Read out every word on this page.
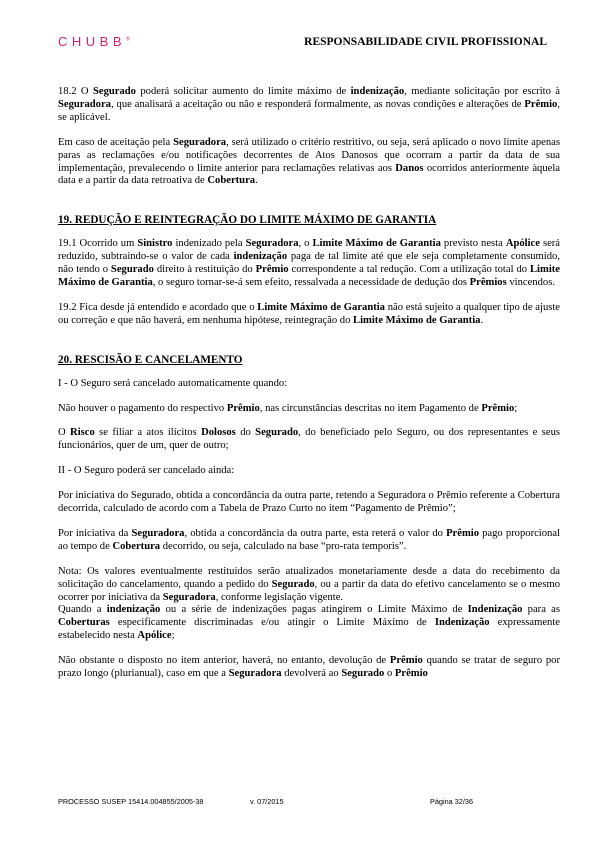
CHUBB®	RESPONSABILIDADE CIVIL PROFISSIONAL

18.2 O Segurado poderá solicitar aumento do limite máximo de indenização, mediante solicitação por escrito à Seguradora, que analisará a aceitação ou não e responderá formalmente, as novas condições e alterações de Prêmio, se aplicável.

Em caso de aceitação pela Seguradora, será utilizado o critério restritivo, ou seja, será aplicado o novo limite apenas paras as reclamações e/ou notificações decorrentes de Atos Danosos que ocorram a partir da data de sua implementação, prevalecendo o limite anterior para reclamações relativas aos Danos ocorridos anteriormente àquela data e a partir da data retroativa de Cobertura.

19. REDUÇÃO E REINTEGRAÇÃO DO LIMITE MÁXIMO DE GARANTIA

19.1 Ocorrido um Sinistro indenizado pela Seguradora, o Limite Máximo de Garantia previsto nesta Apólice será reduzido, subtraindo-se o valor de cada indenização paga de tal limite até que ele seja completamente consumido, não tendo o Segurado direito à restituição do Prêmio correspondente a tal redução. Com a utilização total do Limite Máximo de Garantia, o seguro tornar-se-á sem efeito, ressalvada a necessidade de dedução dos Prêmios vincendos.

19.2 Fica desde já entendido e acordado que o Limite Máximo de Garantia não está sujeito a qualquer tipo de ajuste ou correção e que não haverá, em nenhuma hipótese, reintegração do Limite Máximo de Garantia.

20. RESCISÃO E CANCELAMENTO

I - O Seguro será cancelado automaticamente quando:

Não houver o pagamento do respectivo Prêmio, nas circunstâncias descritas no item Pagamento de Prêmio;

O Risco se filiar a atos ilícitos Dolosos do Segurado, do beneficiado pelo Seguro, ou dos representantes e seus funcionários, quer de um, quer de outro;

II - O Seguro poderá ser cancelado ainda:

Por iniciativa do Segurado, obtida a concordância da outra parte, retendo a Seguradora o Prêmio referente a Cobertura decorrida, calculado de acordo com a Tabela de Prazo Curto no item “Pagamento de Prêmio”;

Por iniciativa da Seguradora, obtida a concordância da outra parte, esta reterá o valor do Prêmio pago proporcional ao tempo de Cobertura decorrido, ou seja, calculado na base “pro-rata temporis”.

Nota: Os valores eventualmente restituídos serão atualizados monetariamente desde a data do recebimento da solicitação do cancelamento, quando a pedido do Segurado, ou a partir da data do efetivo cancelamento se o mesmo ocorrer por iniciativa da Seguradora, conforme legislação vigente.

Quando a indenização ou a série de indenizações pagas atingirem o Limite Máximo de Indenização para as Coberturas especificamente discriminadas e/ou atingir o Limite Máximo de Indenização expressamente estabelecido nesta Apólice;

Não obstante o disposto no item anterior, haverá, no entanto, devolução de Prêmio quando se tratar de seguro por prazo longo (plurianual), caso em que a Seguradora devolverá ao Segurado o Prêmio

PROCESSO SUSEP 15414.004855/2005-38	v. 07/2015	Página 32/36
